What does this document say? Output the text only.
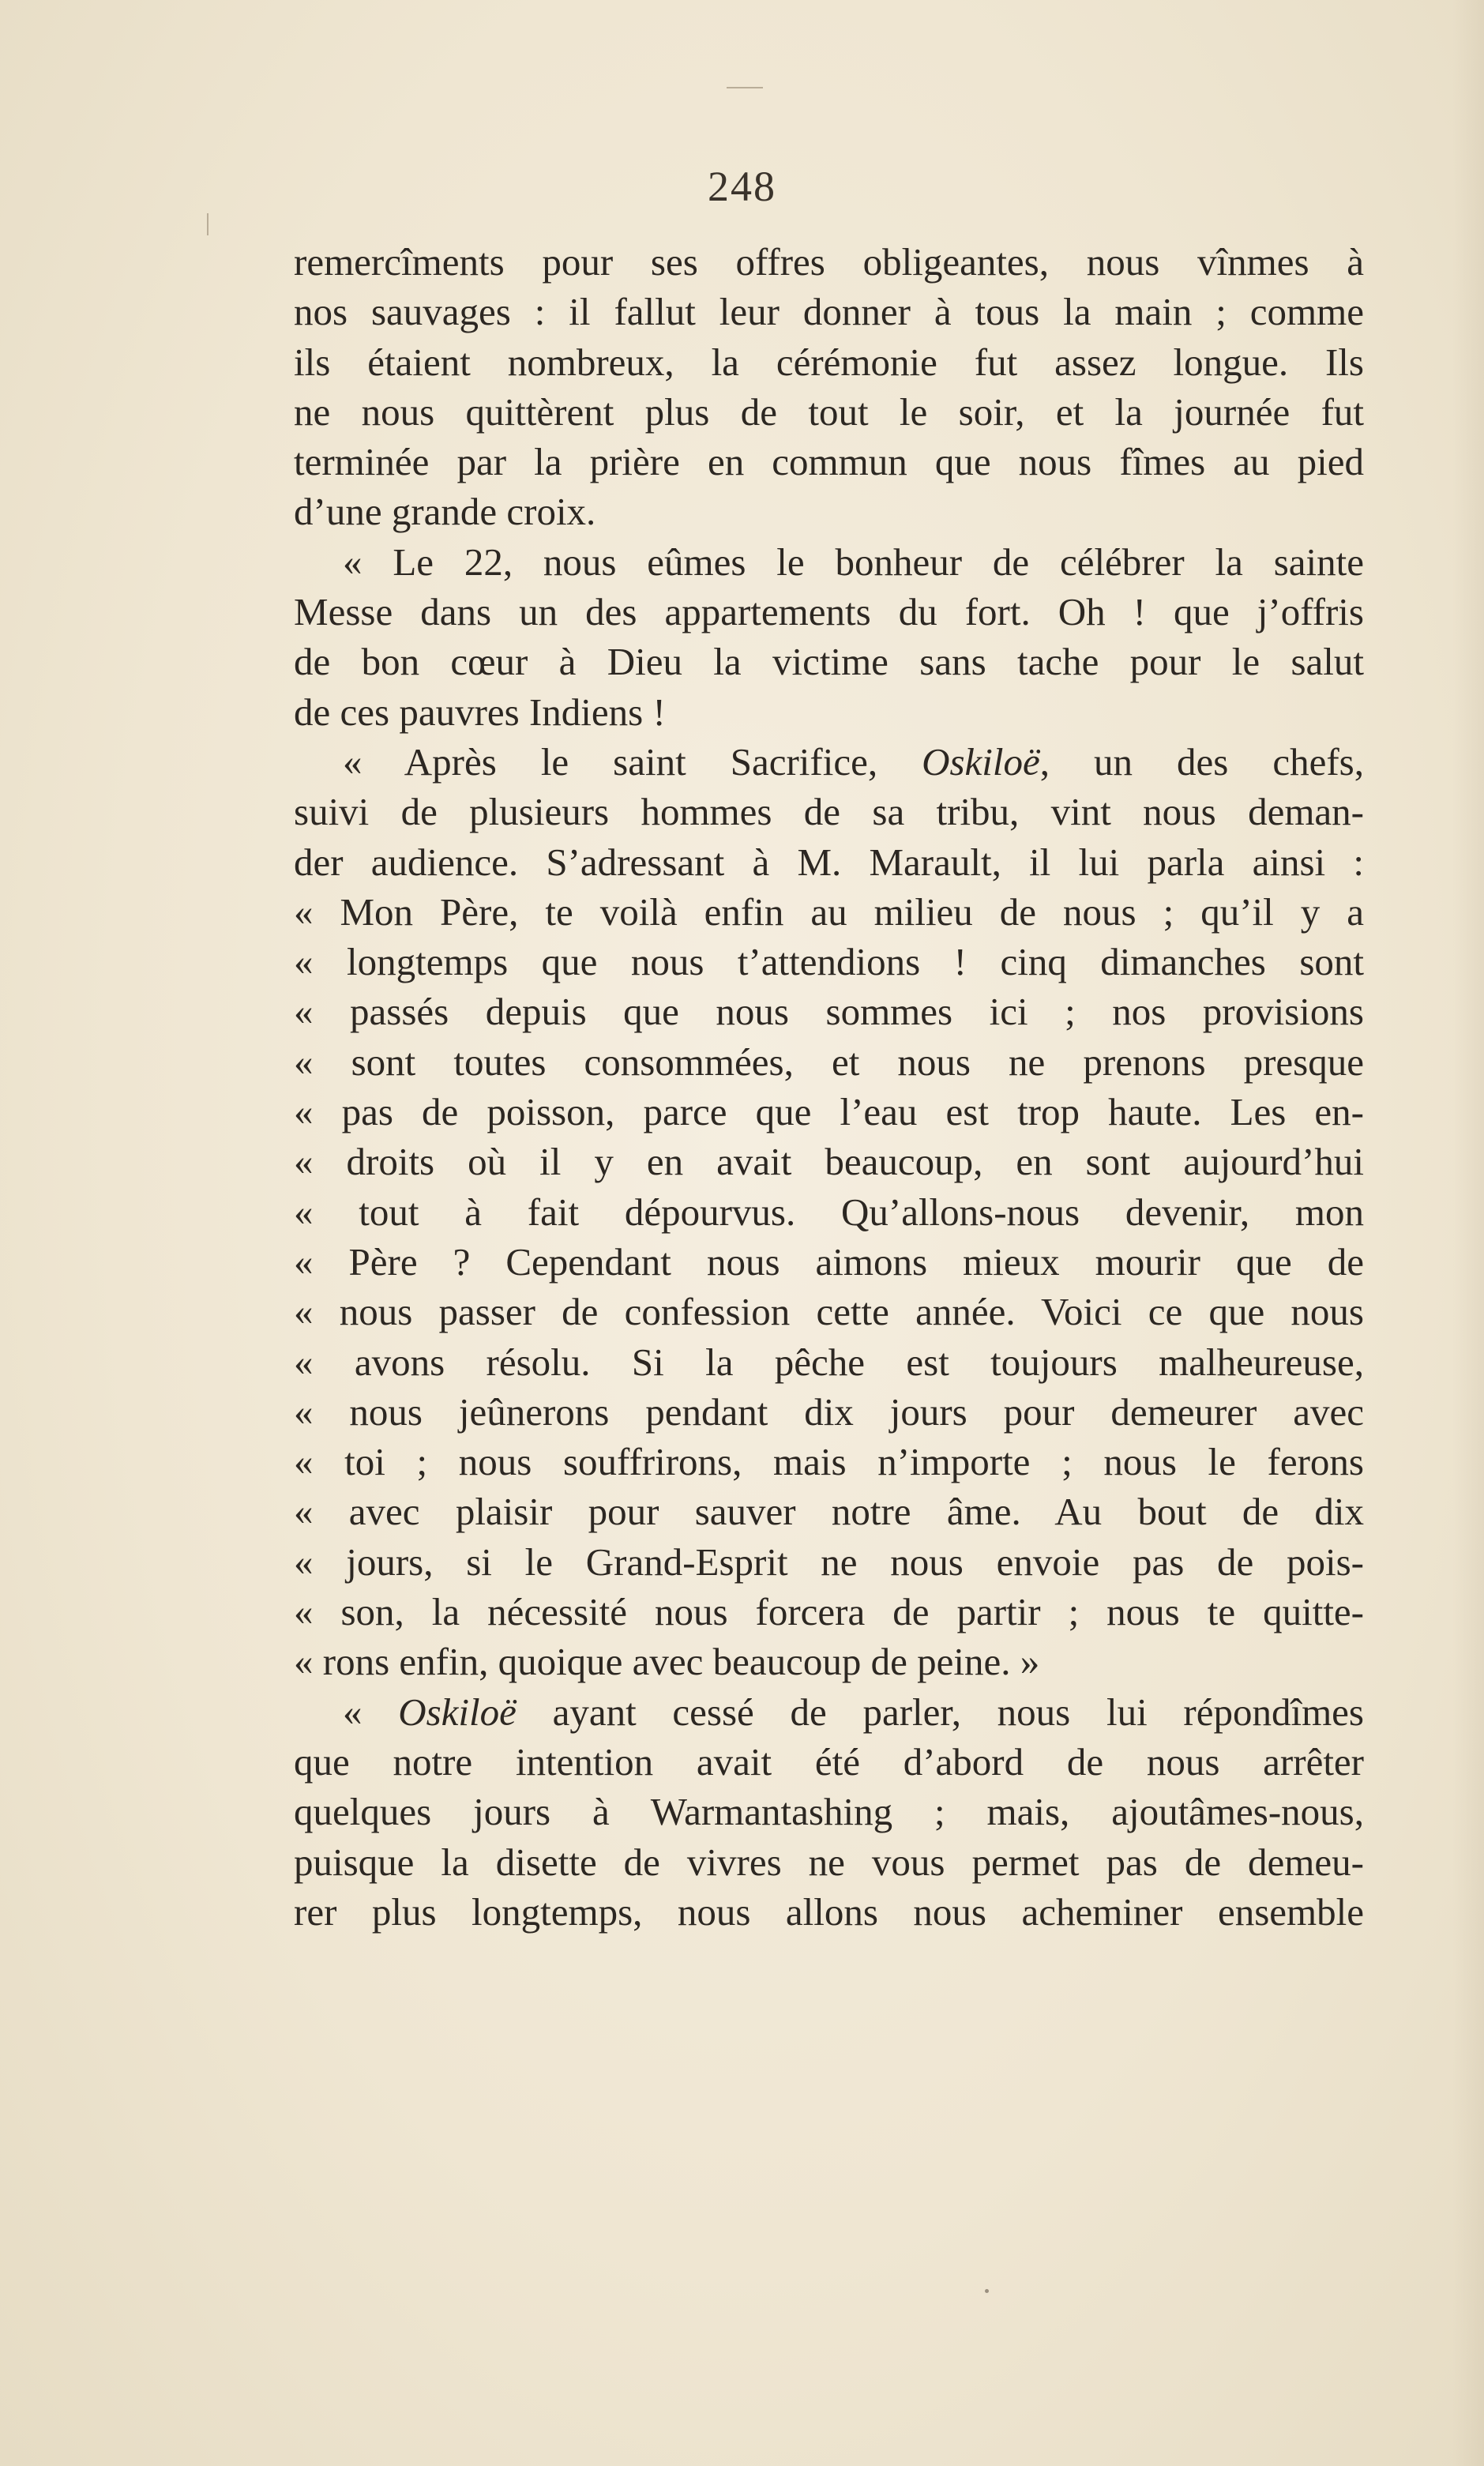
248
remercîments pour ses offres obligeantes, nous vînmes à
nos sauvages : il fallut leur donner à tous la main ; comme
ils étaient nombreux, la cérémonie fut assez longue. Ils
ne nous quittèrent plus de tout le soir, et la journée fut
terminée par la prière en commun que nous fîmes au pied
d’une grande croix.
« Le 22, nous eûmes le bonheur de célébrer la sainte
Messe dans un des appartements du fort. Oh ! que j’offris
de bon cœur à Dieu la victime sans tache pour le salut
de ces pauvres Indiens !
« Après le saint Sacrifice, Oskiloë, un des chefs,
suivi de plusieurs hommes de sa tribu, vint nous deman-
der audience. S’adressant à M. Marault, il lui parla ainsi :
« Mon Père, te voilà enfin au milieu de nous ; qu’il y a
« longtemps que nous t’attendions ! cinq dimanches sont
« passés depuis que nous sommes ici ; nos provisions
« sont toutes consommées, et nous ne prenons presque
« pas de poisson, parce que l’eau est trop haute. Les en-
« droits où il y en avait beaucoup, en sont aujourd’hui
« tout à fait dépourvus. Qu’allons-nous devenir, mon
« Père ? Cependant nous aimons mieux mourir que de
« nous passer de confession cette année. Voici ce que nous
« avons résolu. Si la pêche est toujours malheureuse,
« nous jeûnerons pendant dix jours pour demeurer avec
« toi ; nous souffrirons, mais n’importe ; nous le ferons
« avec plaisir pour sauver notre âme. Au bout de dix
« jours, si le Grand-Esprit ne nous envoie pas de pois-
« son, la nécessité nous forcera de partir ; nous te quitte-
« rons enfin, quoique avec beaucoup de peine. »
« Oskiloë ayant cessé de parler, nous lui répondîmes
que notre intention avait été d’abord de nous arrêter
quelques jours à Warmantashing ; mais, ajoutâmes-nous,
puisque la disette de vivres ne vous permet pas de demeu-
rer plus longtemps, nous allons nous acheminer ensemble
